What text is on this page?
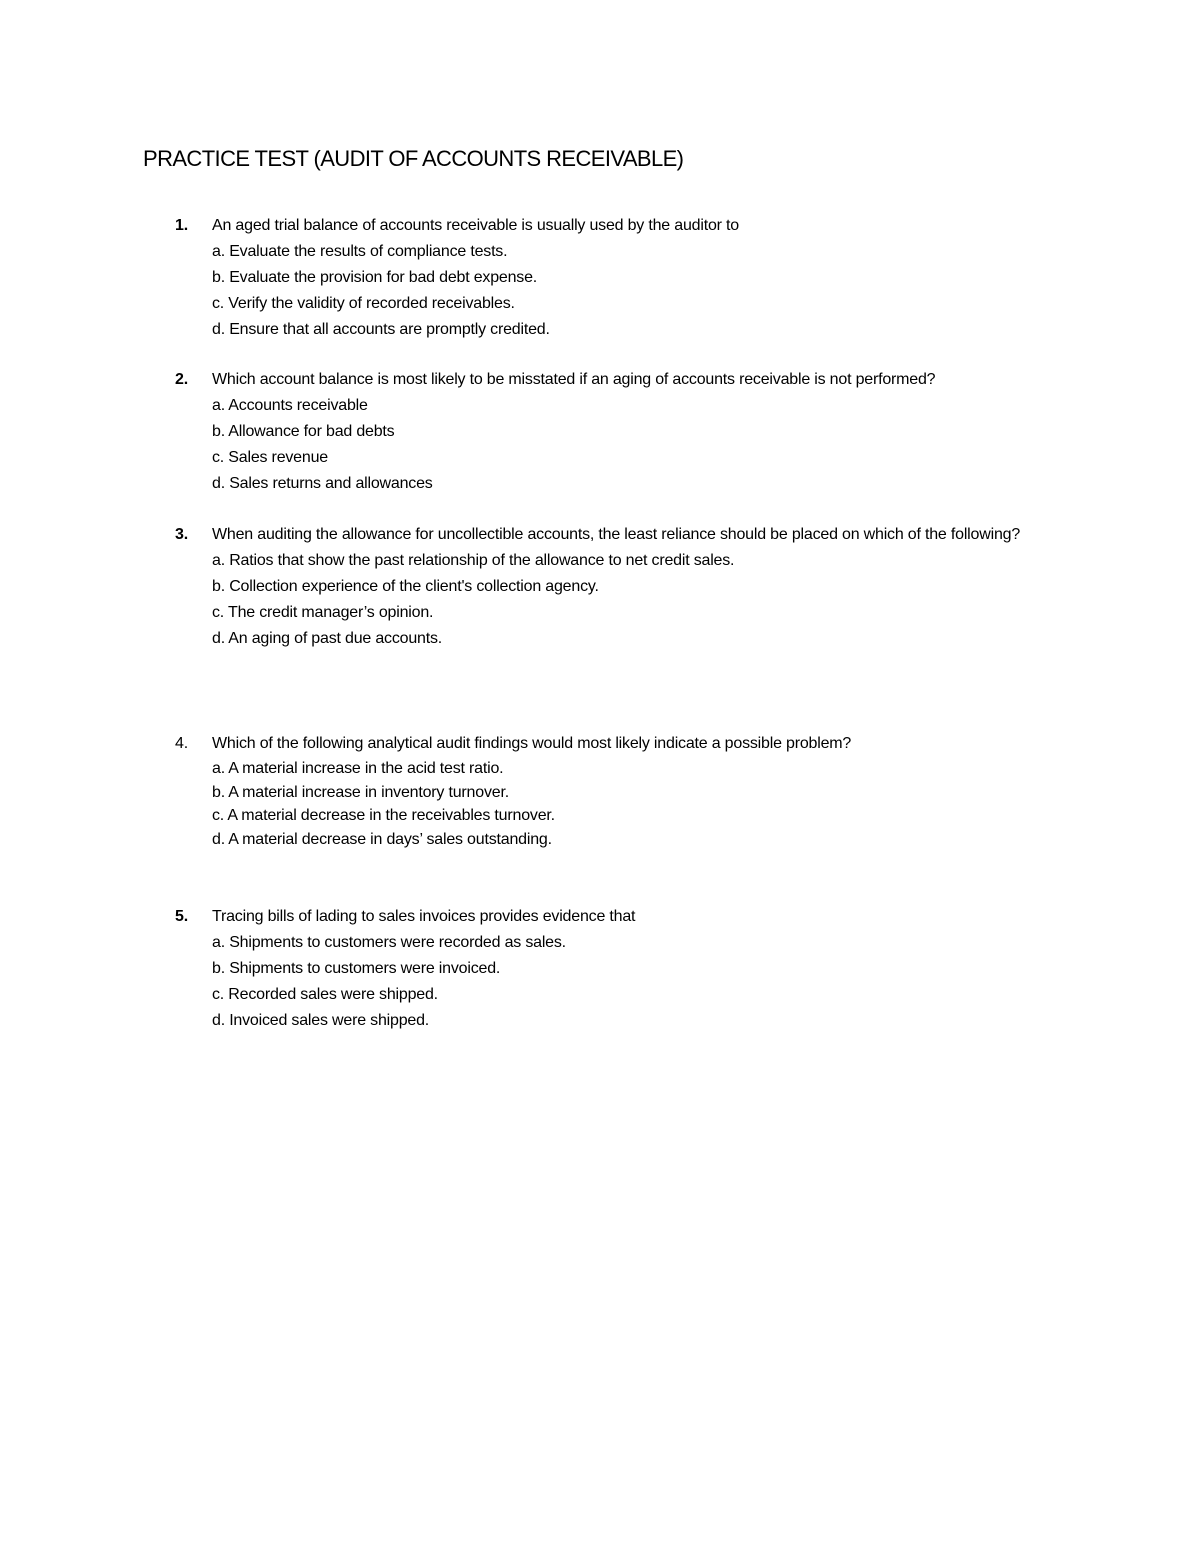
PRACTICE TEST (AUDIT OF ACCOUNTS RECEIVABLE)
1.	An aged trial balance of accounts receivable is usually used by the auditor to
a. Evaluate the results of compliance tests.
b. Evaluate the provision for bad debt expense.
c. Verify the validity of recorded receivables.
d. Ensure that all accounts are promptly credited.
2.	Which account balance is most likely to be misstated if an aging of accounts receivable is not performed?
a. Accounts receivable
b. Allowance for bad debts
c. Sales revenue
d. Sales returns and allowances
3.	When auditing the allowance for uncollectible accounts, the least reliance should be placed on which of the following?
a. Ratios that show the past relationship of the allowance to net credit sales.
b. Collection experience of the client's collection agency.
c. The credit manager’s opinion.
d. An aging of past due accounts.
4.	Which of the following analytical audit findings would most likely indicate a possible problem?
a. A material increase in the acid test ratio.
b. A material increase in inventory turnover.
c. A material decrease in the receivables turnover.
d. A material decrease in days’ sales outstanding.
5.	Tracing bills of lading to sales invoices provides evidence that
a. Shipments to customers were recorded as sales.
b. Shipments to customers were invoiced.
c. Recorded sales were shipped.
d. Invoiced sales were shipped.
